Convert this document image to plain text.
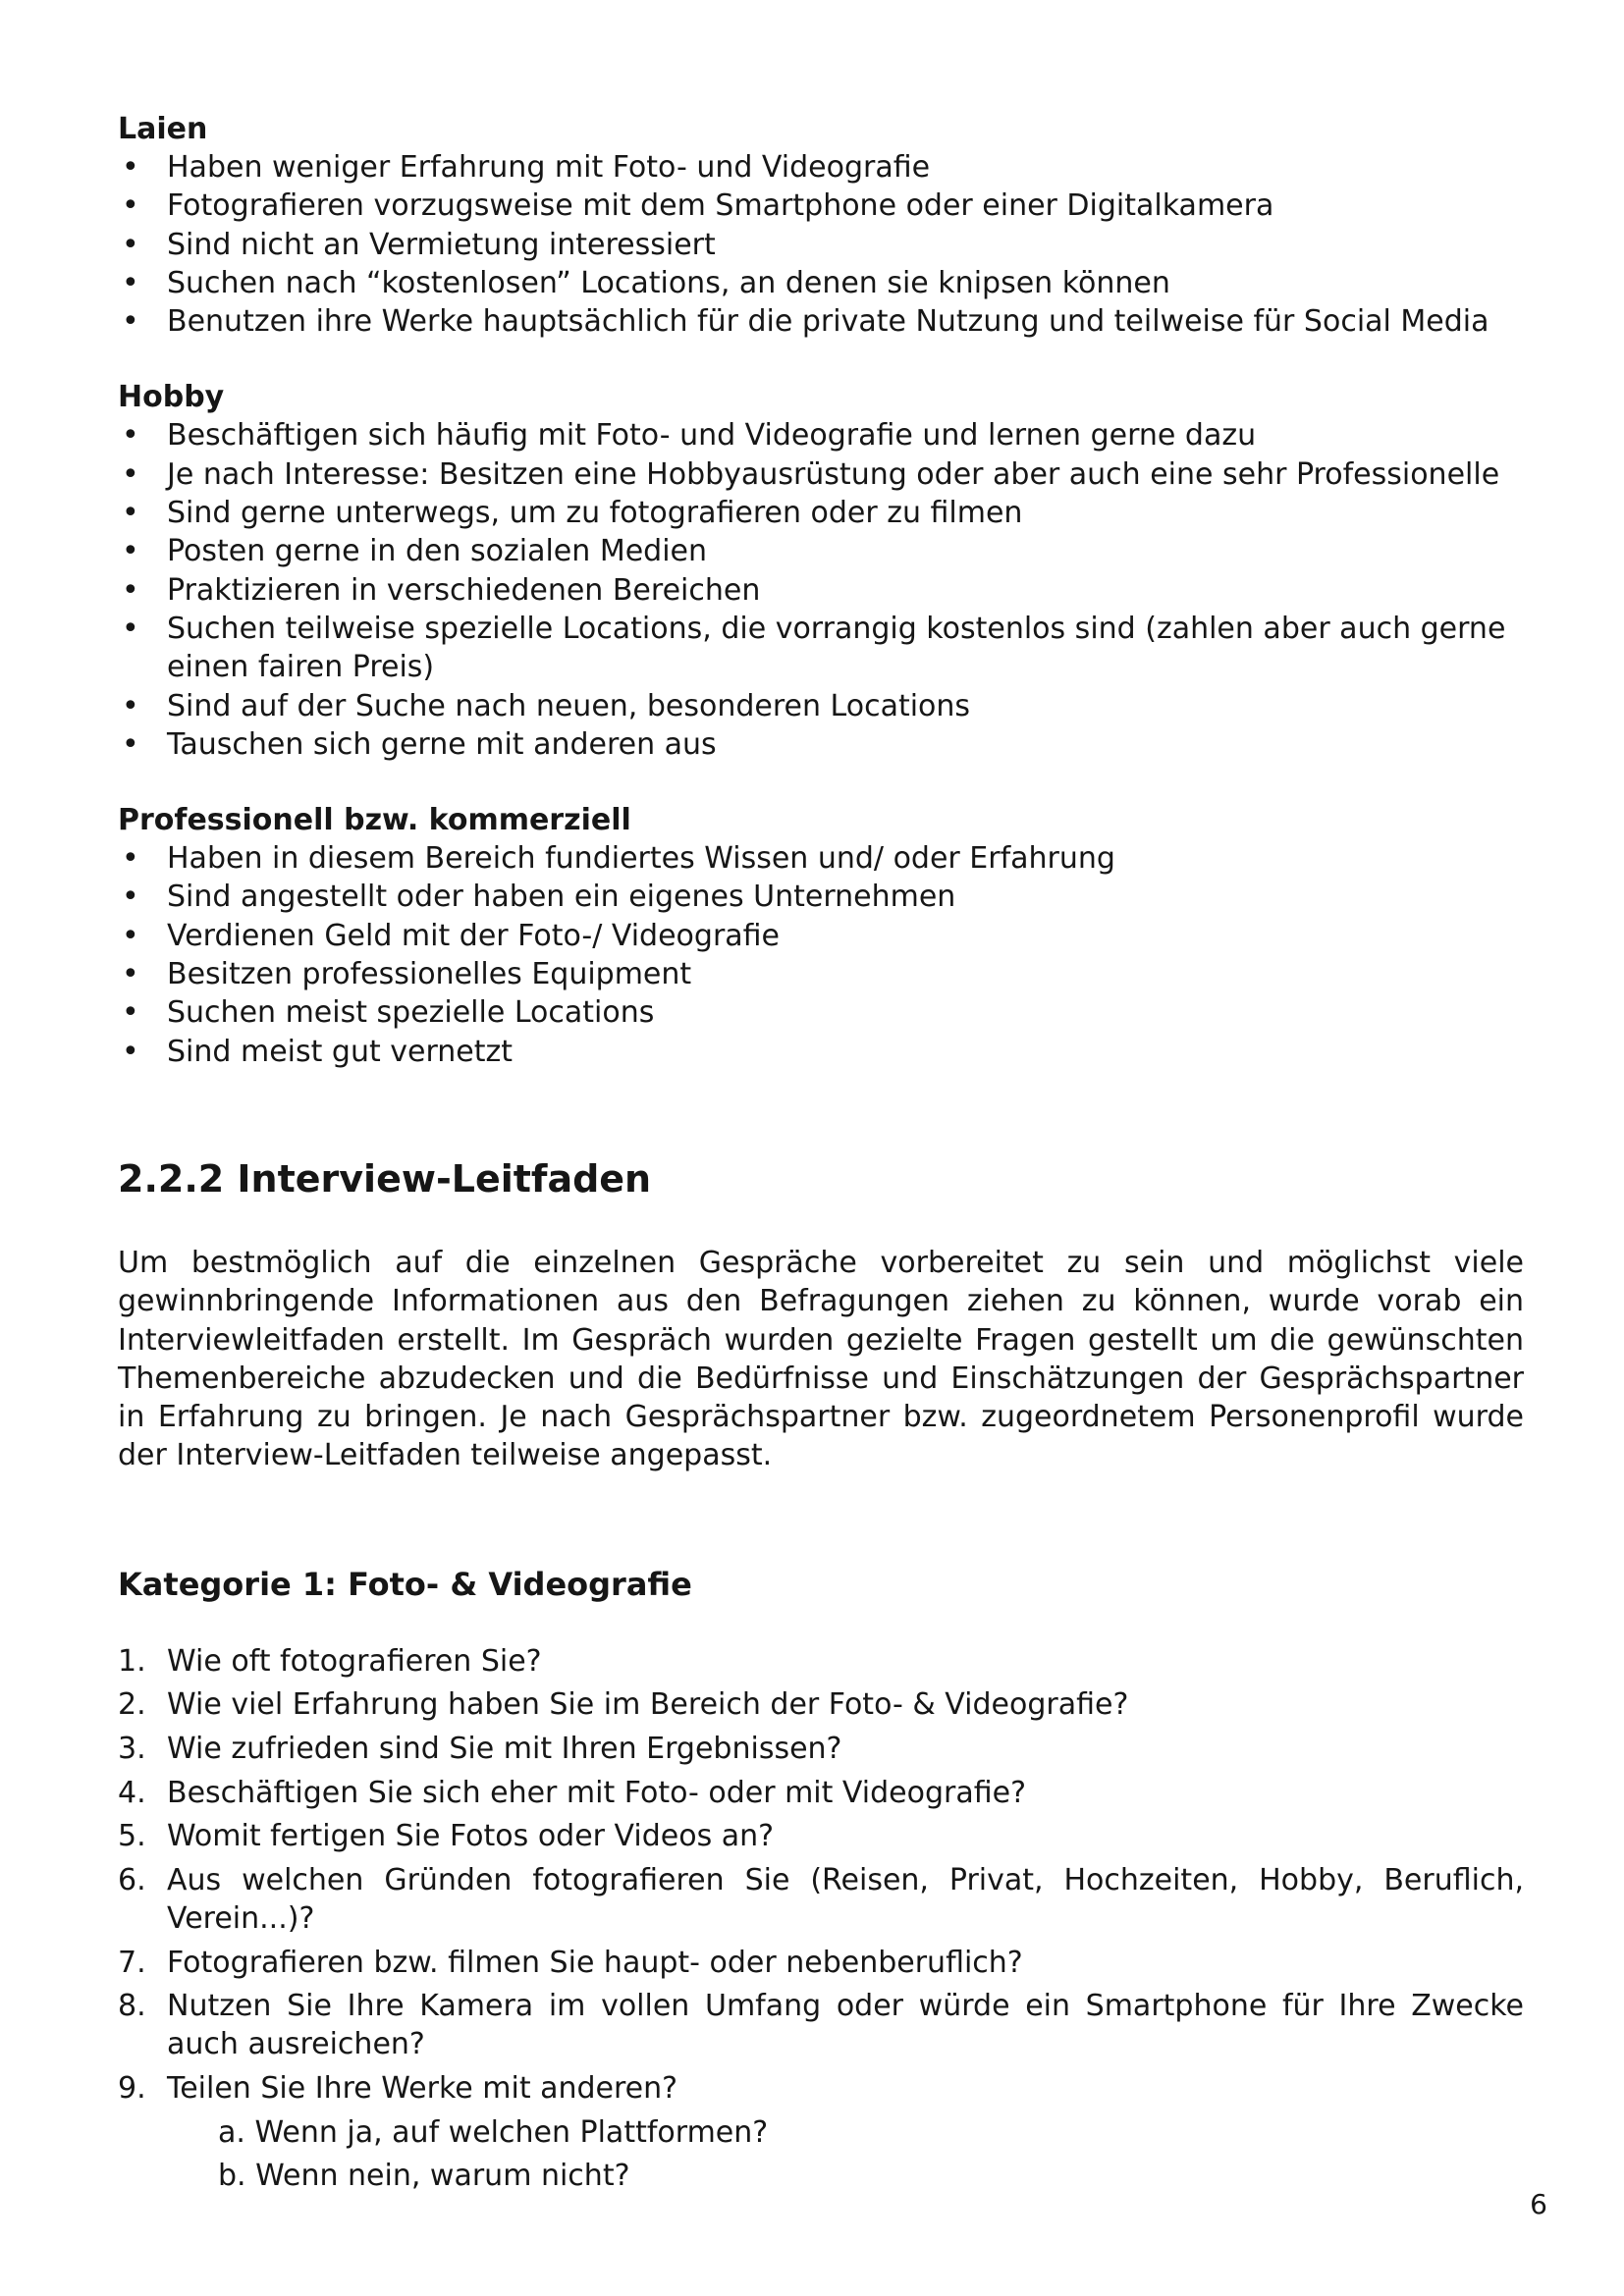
Laien
• Haben weniger Erfahrung mit Foto- und Videografie
• Fotografieren vorzugsweise mit dem Smartphone oder einer Digitalkamera
• Sind nicht an Vermietung interessiert
• Suchen nach “kostenlosen” Locations, an denen sie knipsen können
• Benutzen ihre Werke hauptsächlich für die private Nutzung und teilweise für Social Media
Hobby
• Beschäftigen sich häufig mit Foto- und Videografie und lernen gerne dazu
• Je nach Interesse: Besitzen eine Hobbyausrüstung oder aber auch eine sehr Professionelle
• Sind gerne unterwegs, um zu fotografieren oder zu filmen
• Posten gerne in den sozialen Medien
• Praktizieren in verschiedenen Bereichen
• Suchen teilweise spezielle Locations, die vorrangig kostenlos sind (zahlen aber auch gerne einen fairen Preis)
• Sind auf der Suche nach neuen, besonderen Locations
• Tauschen sich gerne mit anderen aus
Professionell bzw. kommerziell
• Haben in diesem Bereich fundiertes Wissen und/ oder Erfahrung
• Sind angestellt oder haben ein eigenes Unternehmen
• Verdienen Geld mit der Foto-/ Videografie
• Besitzen professionelles Equipment
• Suchen meist spezielle Locations
• Sind meist gut vernetzt
2.2.2 Interview-Leitfaden

Um bestmöglich auf die einzelnen Gespräche vorbereitet zu sein und möglichst viele gewinnbringende Informationen aus den Befragungen ziehen zu können, wurde vorab ein Interviewleitfaden erstellt. Im Gespräch wurden gezielte Fragen gestellt um die gewünschten Themenbereiche abzudecken und die Bedürfnisse und Einschätzungen der Gesprächspartner in Erfahrung zu bringen. Je nach Gesprächspartner bzw. zugeordnetem Personenprofil wurde der Interview-Leitfaden teilweise angepasst.

Kategorie 1: Foto- & Videografie
1. Wie oft fotografieren Sie?
2. Wie viel Erfahrung haben Sie im Bereich der Foto- & Videografie?
3. Wie zufrieden sind Sie mit Ihren Ergebnissen?
4. Beschäftigen Sie sich eher mit Foto- oder mit Videografie?
5. Womit fertigen Sie Fotos oder Videos an?
6. Aus welchen Gründen fotografieren Sie (Reisen, Privat, Hochzeiten, Hobby, Beruflich, Verein...)?
7. Fotografieren bzw. filmen Sie haupt- oder nebenberuflich?
8. Nutzen Sie Ihre Kamera im vollen Umfang oder würde ein Smartphone für Ihre Zwecke auch ausreichen?
9. Teilen Sie Ihre Werke mit anderen?
a. Wenn ja, auf welchen Plattformen?
b. Wenn nein, warum nicht?
6
